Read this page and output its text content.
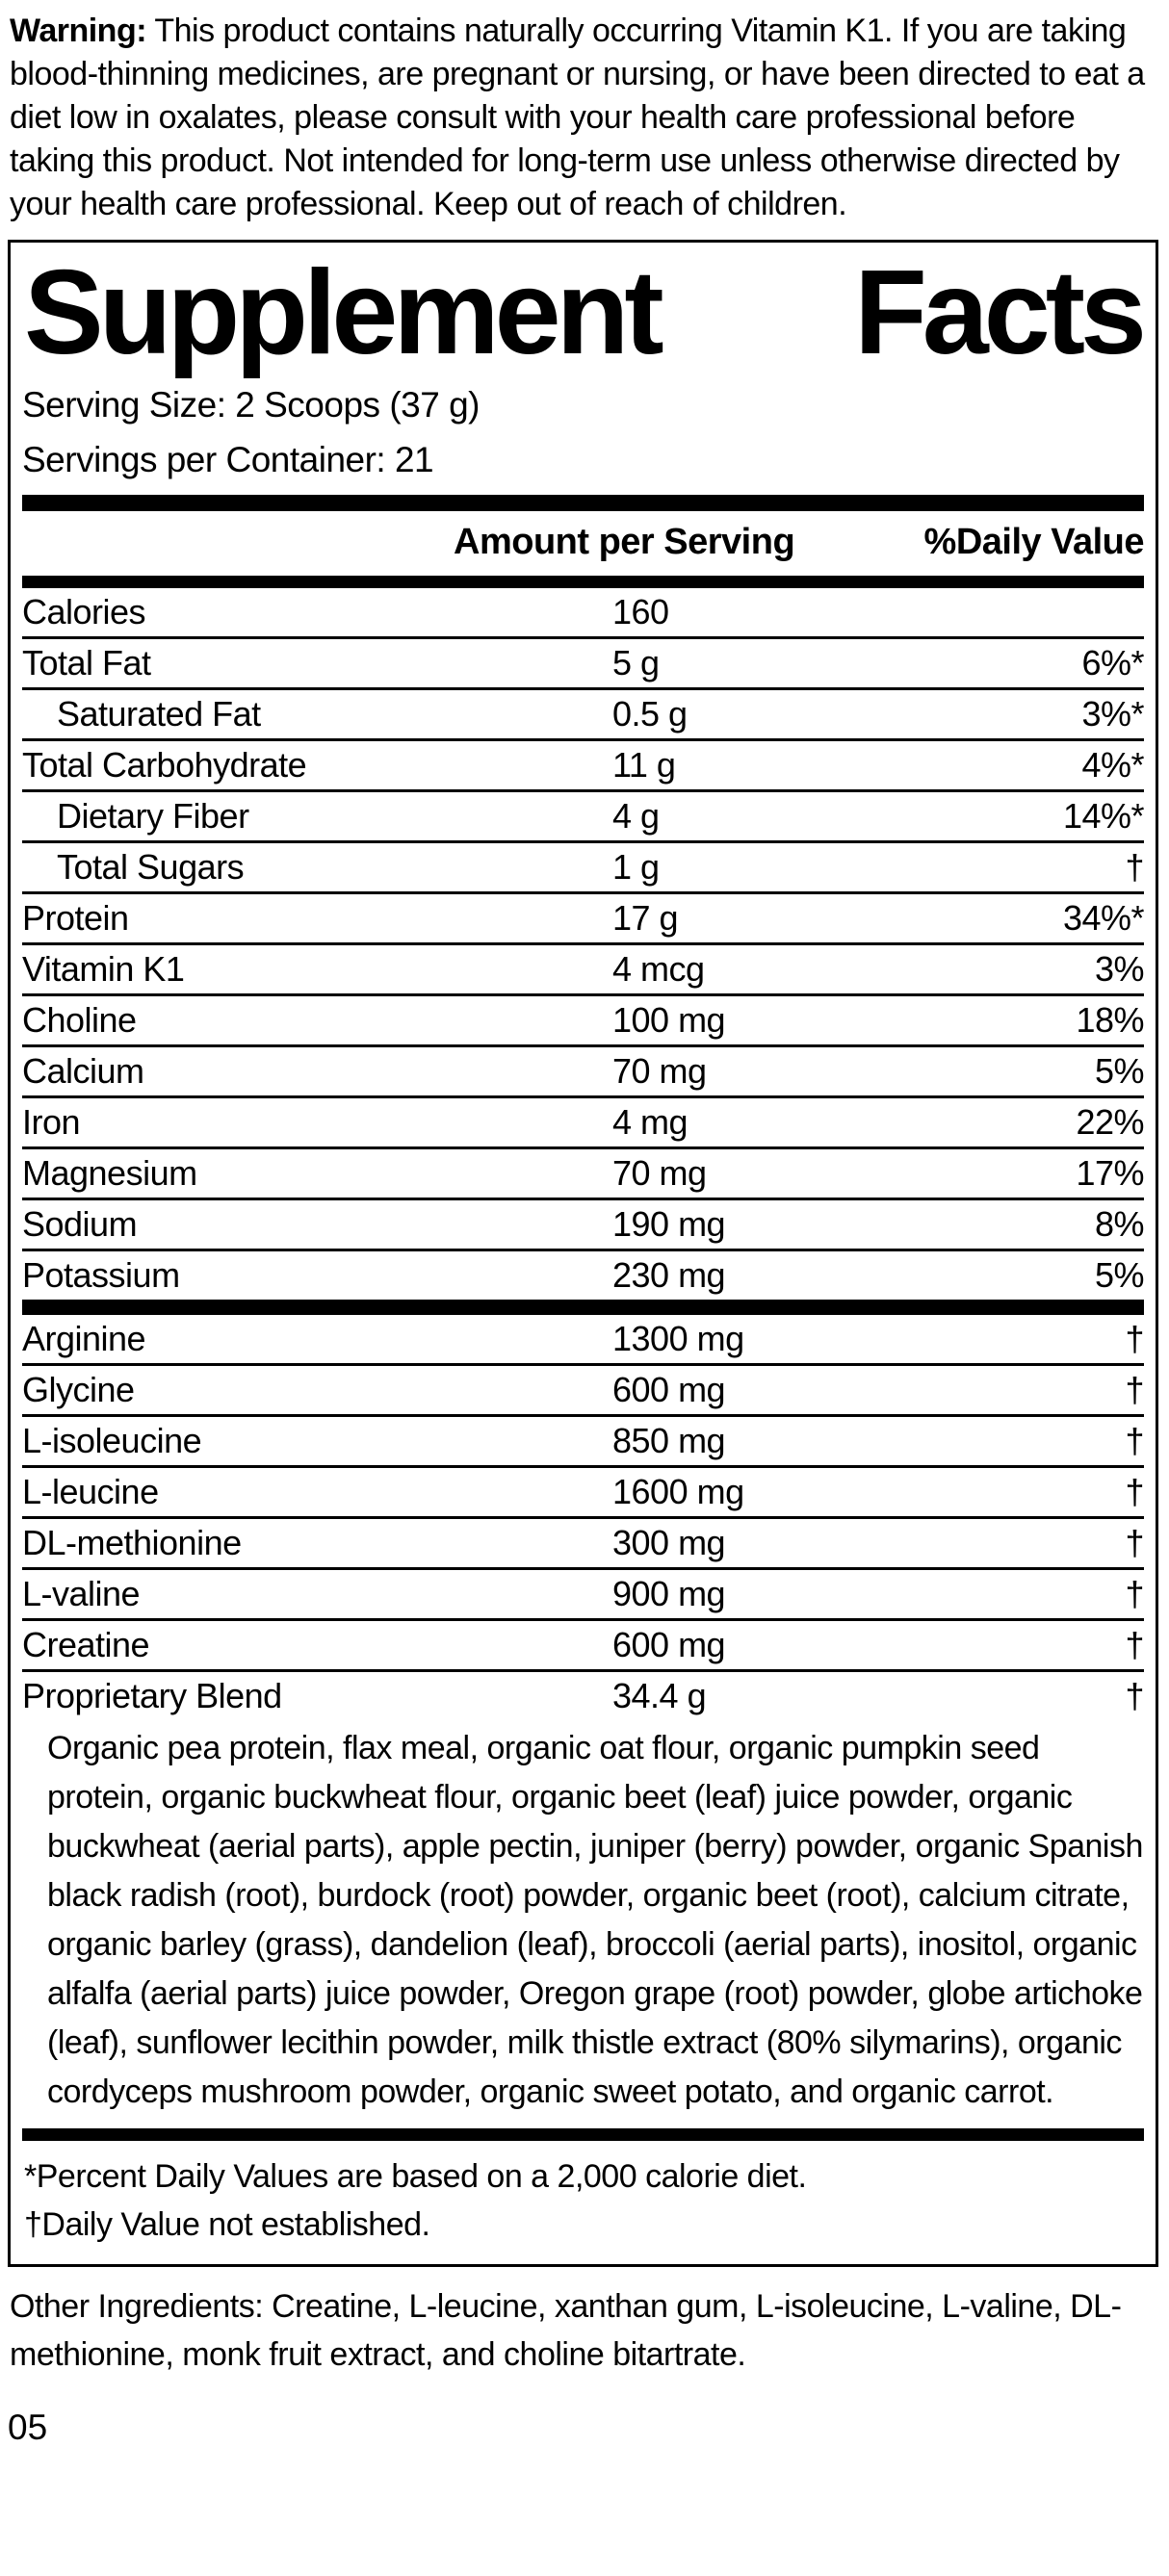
Warning: This product contains naturally occurring Vitamin K1. If you are taking blood-thinning medicines, are pregnant or nursing, or have been directed to eat a diet low in oxalates, please consult with your health care professional before taking this product. Not intended for long-term use unless otherwise directed by your health care professional. Keep out of reach of children.

Supplement Facts
Serving Size: 2 Scoops (37 g)
Servings per Container: 21
Amount per Serving	%Daily Value
Calories	160
Total Fat	5 g	6%*
Saturated Fat	0.5 g	3%*
Total Carbohydrate	11 g	4%*
Dietary Fiber	4 g	14%*
Total Sugars	1 g	†
Protein	17 g	34%*
Vitamin K1	4 mcg	3%
Choline	100 mg	18%
Calcium	70 mg	5%
Iron	4 mg	22%
Magnesium	70 mg	17%
Sodium	190 mg	8%
Potassium	230 mg	5%
Arginine	1300 mg	†
Glycine	600 mg	†
L-isoleucine	850 mg	†
L-leucine	1600 mg	†
DL-methionine	300 mg	†
L-valine	900 mg	†
Creatine	600 mg	†
Proprietary Blend	34.4 g	†
Organic pea protein, flax meal, organic oat flour, organic pumpkin seed protein, organic buckwheat flour, organic beet (leaf) juice powder, organic buckwheat (aerial parts), apple pectin, juniper (berry) powder, organic Spanish black radish (root), burdock (root) powder, organic beet (root), calcium citrate, organic barley (grass), dandelion (leaf), broccoli (aerial parts), inositol, organic alfalfa (aerial parts) juice powder, Oregon grape (root) powder, globe artichoke (leaf), sunflower lecithin powder, milk thistle extract (80% silymarins), organic cordyceps mushroom powder, organic sweet potato, and organic carrot.
*Percent Daily Values are based on a 2,000 calorie diet.
†Daily Value not established.

Other Ingredients: Creatine, L-leucine, xanthan gum, L-isoleucine, L-valine, DL-methionine, monk fruit extract, and choline bitartrate.

05
